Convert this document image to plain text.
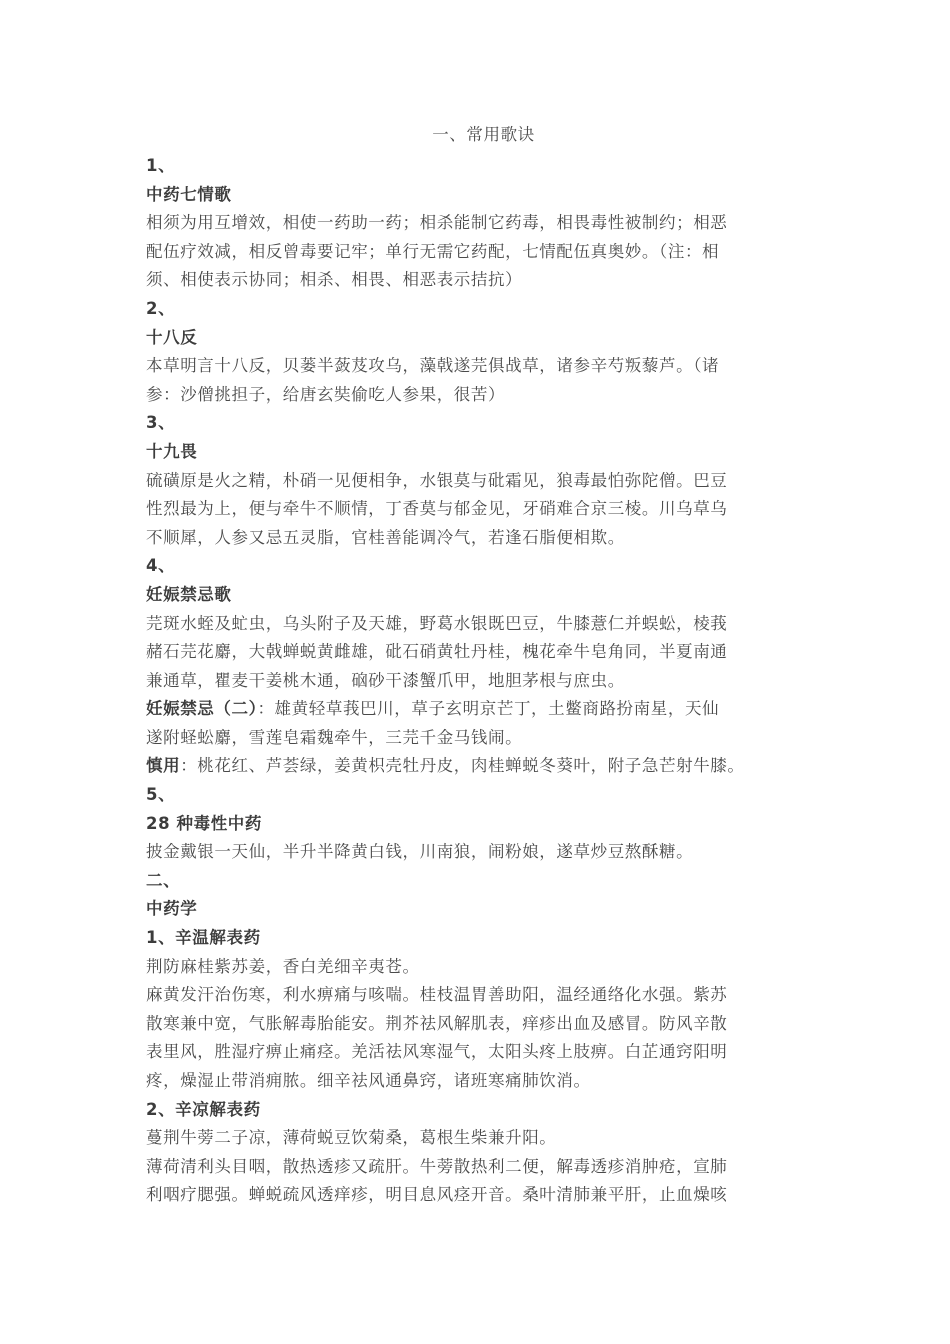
一、常用歌诀
1、
中药七情歌
相须为用互增效，相使一药助一药；相杀能制它药毒，相畏毒性被制约；相恶
配伍疗效减，相反曾毒要记牢；单行无需它药配，七情配伍真奥妙。（注：相
须、相使表示协同；相杀、相畏、相恶表示拮抗）
2、
十八反
本草明言十八反，贝蒌半蔹芨攻乌，藻戟遂芫俱战草，诸参辛芍叛藜芦。（诸
参：沙僧挑担子，给唐玄奘偷吃人参果，很苦）
3、
十九畏
硫磺原是火之精，朴硝一见便相争，水银莫与砒霜见，狼毒最怕弥陀僧。巴豆
性烈最为上，便与牵牛不顺情，丁香莫与郁金见，牙硝难合京三棱。川乌草乌
不顺犀，人参又忌五灵脂，官桂善能调冷气，若逢石脂便相欺。
4、
妊娠禁忌歌
芫斑水蛭及虻虫，乌头附子及天雄，野葛水银既巴豆，牛膝薏仁并蜈蚣，棱莪
赭石芫花麝，大戟蝉蜕黄雌雄，砒石硝黄牡丹桂，槐花牵牛皂角同，半夏南通
兼通草，瞿麦干姜桃木通，硇砂干漆蟹爪甲，地胆茅根与庶虫。
妊娠禁忌（二）：雄黄轻草莪巴川，草子玄明京芒丁，土鳖商路扮南星，天仙
遂附蛏蚣麝，雪莲皂霜魏牵牛，三芫千金马钱闹。
慎用：桃花红、芦荟绿，姜黄枳壳牡丹皮，肉桂蝉蜕冬葵叶，附子急芒射牛膝。
5、
28 种毒性中药
披金戴银一天仙，半升半降黄白钱，川南狼，闹粉娘，遂草炒豆熬酥糖。
二、
中药学
1、辛温解表药
荆防麻桂紫苏姜，香白羌细辛夷苍。
麻黄发汗治伤寒，利水痹痛与咳喘。桂枝温胃善助阳，温经通络化水强。紫苏
散寒兼中宽，气胀解毒胎能安。荆芥祛风解肌表，痒疹出血及感冒。防风辛散
表里风，胜湿疗痹止痛痉。羌活祛风寒湿气，太阳头疼上肢痹。白芷通窍阳明
疼，燥湿止带消痈脓。细辛祛风通鼻窍，诸班寒痛肺饮消。
2、辛凉解表药
蔓荆牛蒡二子凉，薄荷蜕豆饮菊桑，葛根生柴兼升阳。
薄荷清利头目咽，散热透疹又疏肝。牛蒡散热利二便，解毒透疹消肿疮，宣肺
利咽疗腮强。蝉蜕疏风透痒疹，明目息风痉开音。桑叶清肺兼平肝，止血燥咳
